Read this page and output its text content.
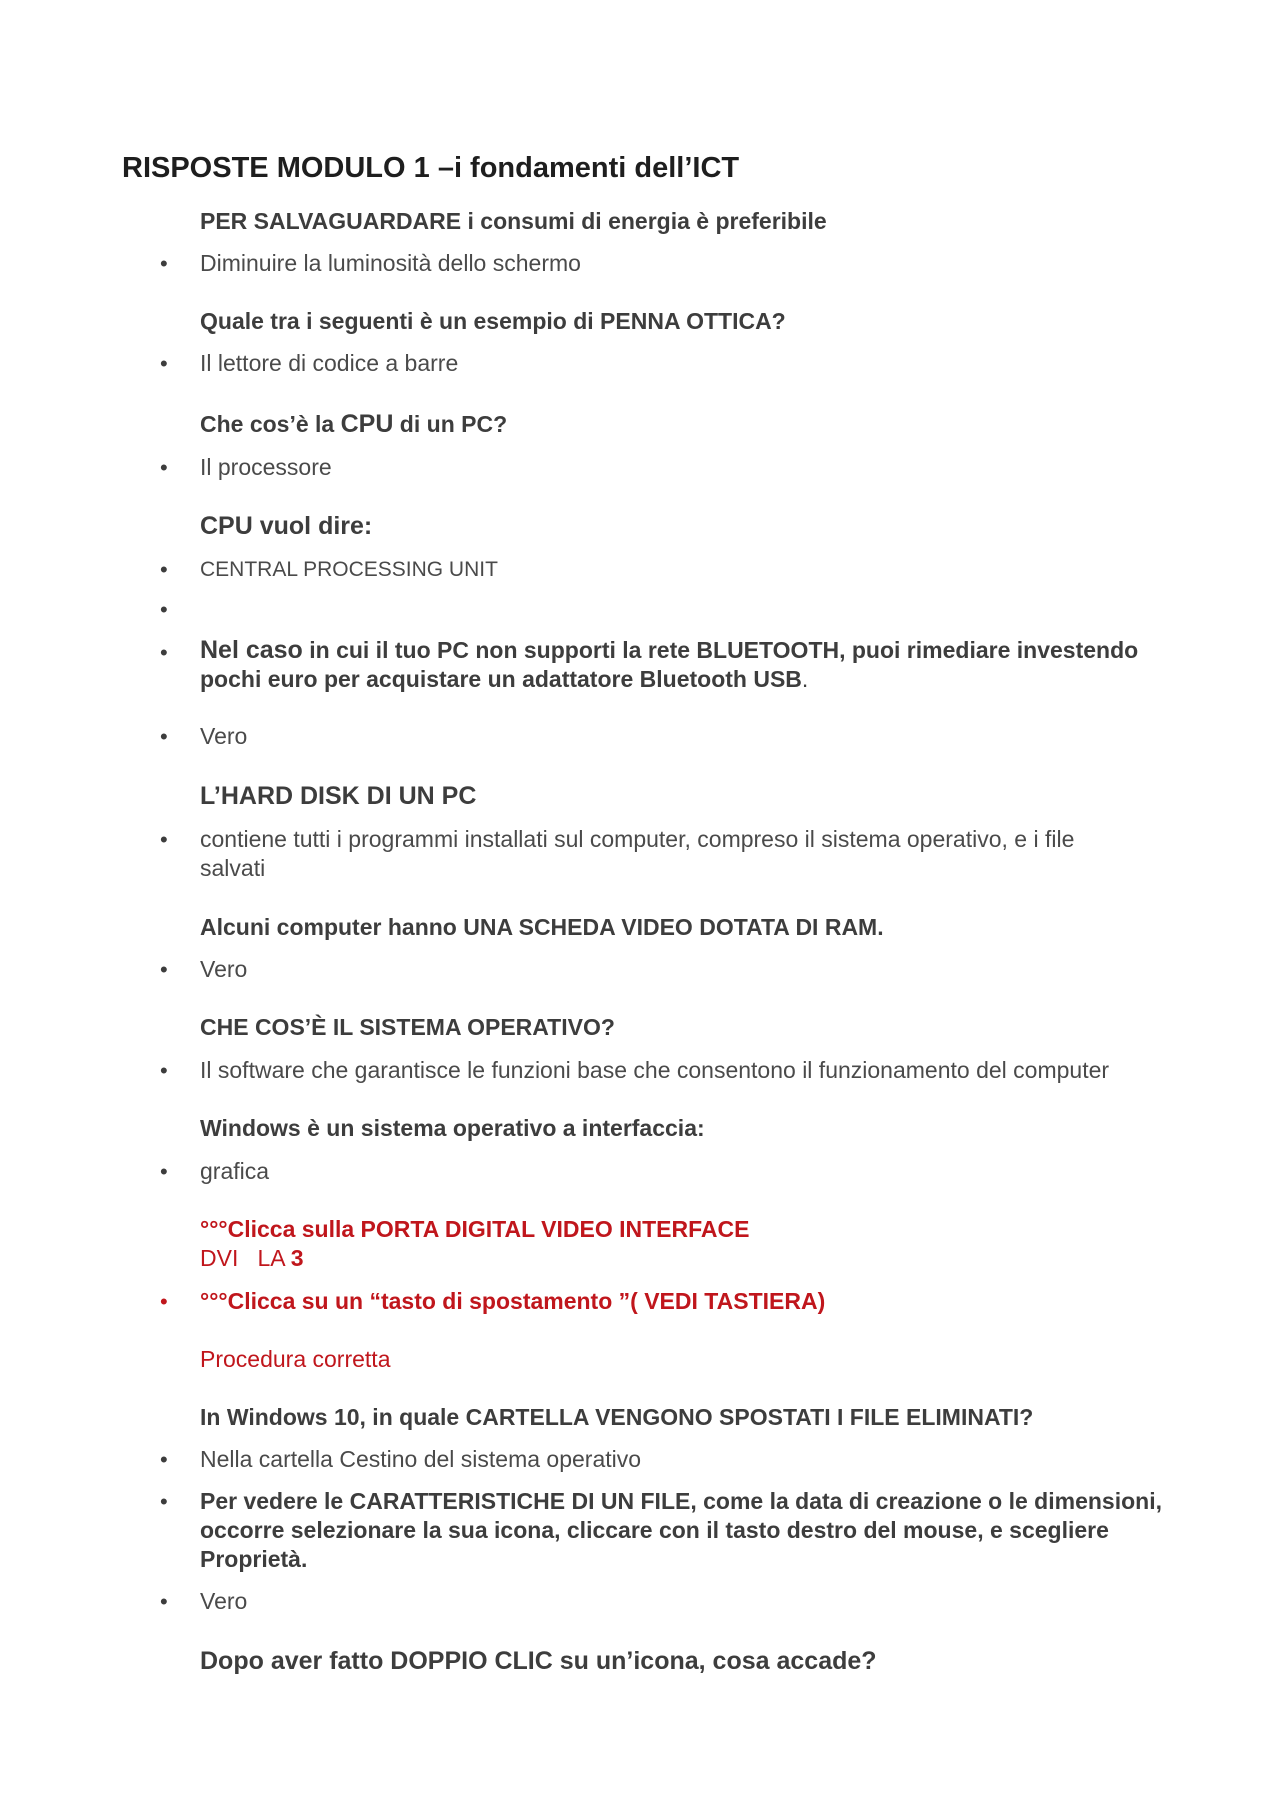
RISPOSTE MODULO 1 –i fondamenti dell’ICT
PER SALVAGUARDARE i consumi di energia è preferibile
• Diminuire la luminosità dello schermo
Quale tra i seguenti è un esempio di PENNA OTTICA?
• Il lettore di codice a barre
Che cos’è la CPU di un PC?
• Il processore
CPU vuol dire:
• CENTRAL PROCESSING UNIT
•
• Nel caso in cui il tuo PC non supporti la rete BLUETOOTH, puoi rimediare investendo pochi euro per acquistare un adattatore Bluetooth USB.
• Vero
L’HARD DISK DI UN PC
• contiene tutti i programmi installati sul computer, compreso il sistema operativo, e i file salvati
Alcuni computer hanno UNA SCHEDA VIDEO DOTATA DI RAM.
• Vero
CHE COS’È IL SISTEMA OPERATIVO?
• Il software che garantisce le funzioni base che consentono il funzionamento del computer
Windows è un sistema operativo a interfaccia:
• grafica
°°°Clicca sulla PORTA DIGITAL VIDEO INTERFACE
DVI   LA 3
• °°°Clicca su un “tasto di spostamento ”( VEDI TASTIERA)
Procedura corretta
In Windows 10, in quale CARTELLA VENGONO SPOSTATI I FILE ELIMINATI?
• Nella cartella Cestino del sistema operativo
• Per vedere le CARATTERISTICHE DI UN FILE, come la data di creazione o le dimensioni, occorre selezionare la sua icona, cliccare con il tasto destro del mouse, e scegliere Proprietà.
• Vero
Dopo aver fatto DOPPIO CLIC su un’icona, cosa accade?
